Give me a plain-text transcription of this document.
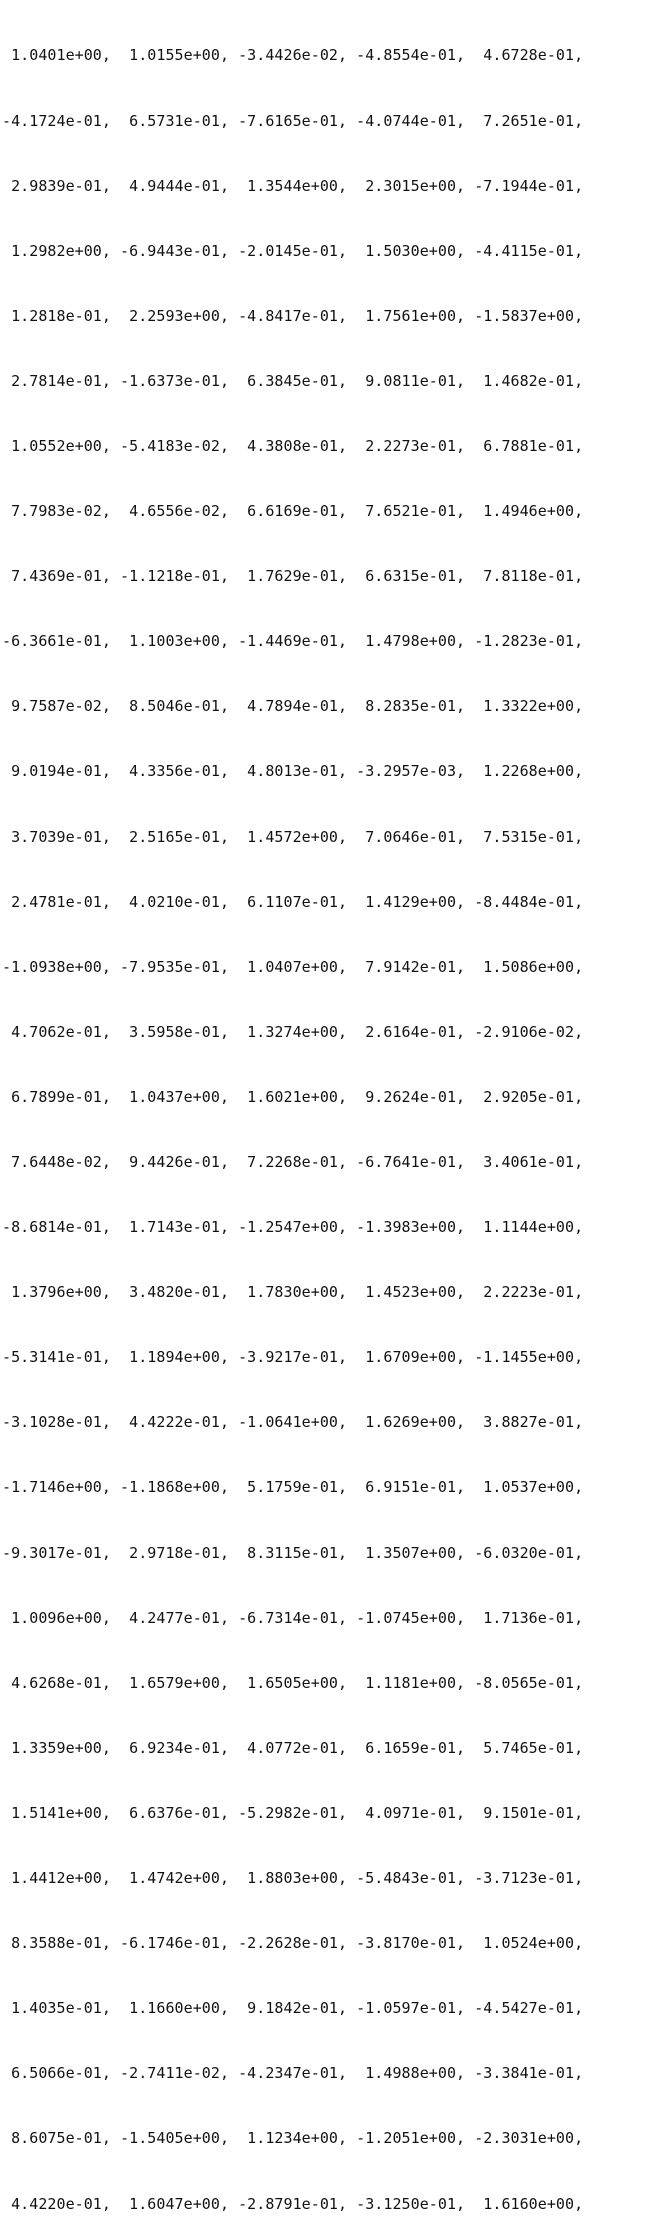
1.0401e+00,  1.0155e+00, -3.4426e-02, -4.8554e-01,  4.6728e-01,

-4.1724e-01,  6.5731e-01, -7.6165e-01, -4.0744e-01,  7.2651e-01,

2.9839e-01,  4.9444e-01,  1.3544e+00,  2.3015e+00, -7.1944e-01,

1.2982e+00, -6.9443e-01, -2.0145e-01,  1.5030e+00, -4.4115e-01,

1.2818e-01,  2.2593e+00, -4.8417e-01,  1.7561e+00, -1.5837e+00,

2.7814e-01, -1.6373e-01,  6.3845e-01,  9.0811e-01,  1.4682e-01,

1.0552e+00, -5.4183e-02,  4.3808e-01,  2.2273e-01,  6.7881e-01,

7.7983e-02,  4.6556e-02,  6.6169e-01,  7.6521e-01,  1.4946e+00,

7.4369e-01, -1.1218e-01,  1.7629e-01,  6.6315e-01,  7.8118e-01,

-6.3661e-01,  1.1003e+00, -1.4469e-01,  1.4798e+00, -1.2823e-01,

9.7587e-02,  8.5046e-01,  4.7894e-01,  8.2835e-01,  1.3322e+00,

9.0194e-01,  4.3356e-01,  4.8013e-01, -3.2957e-03,  1.2268e+00,

3.7039e-01,  2.5165e-01,  1.4572e+00,  7.0646e-01,  7.5315e-01,

2.4781e-01,  4.0210e-01,  6.1107e-01,  1.4129e+00, -8.4484e-01,

-1.0938e+00, -7.9535e-01,  1.0407e+00,  7.9142e-01,  1.5086e+00,

4.7062e-01,  3.5958e-01,  1.3274e+00,  2.6164e-01, -2.9106e-02,

6.7899e-01,  1.0437e+00,  1.6021e+00,  9.2624e-01,  2.9205e-01,

7.6448e-02,  9.4426e-01,  7.2268e-01, -6.7641e-01,  3.4061e-01,

-8.6814e-01,  1.7143e-01, -1.2547e+00, -1.3983e+00,  1.1144e+00,

1.3796e+00,  3.4820e-01,  1.7830e+00,  1.4523e+00,  2.2223e-01,

-5.3141e-01,  1.1894e+00, -3.9217e-01,  1.6709e+00, -1.1455e+00,

-3.1028e-01,  4.4222e-01, -1.0641e+00,  1.6269e+00,  3.8827e-01,

-1.7146e+00, -1.1868e+00,  5.1759e-01,  6.9151e-01,  1.0537e+00,

-9.3017e-01,  2.9718e-01,  8.3115e-01,  1.3507e+00, -6.0320e-01,

1.0096e+00,  4.2477e-01, -6.7314e-01, -1.0745e+00,  1.7136e-01,

4.6268e-01,  1.6579e+00,  1.6505e+00,  1.1181e+00, -8.0565e-01,

1.3359e+00,  6.9234e-01,  4.0772e-01,  6.1659e-01,  5.7465e-01,

1.5141e+00,  6.6376e-01, -5.2982e-01,  4.0971e-01,  9.1501e-01,

1.4412e+00,  1.4742e+00,  1.8803e+00, -5.4843e-01, -3.7123e-01,

8.3588e-01, -6.1746e-01, -2.2628e-01, -3.8170e-01,  1.0524e+00,

1.4035e-01,  1.1660e+00,  9.1842e-01, -1.0597e-01, -4.5427e-01,

6.5066e-01, -2.7411e-02, -4.2347e-01,  1.4988e+00, -3.3841e-01,

8.6075e-01, -1.5405e+00,  1.1234e+00, -1.2051e+00, -2.3031e+00,

4.4220e-01,  1.6047e+00, -2.8791e-01, -3.1250e-01,  1.6160e+00,
